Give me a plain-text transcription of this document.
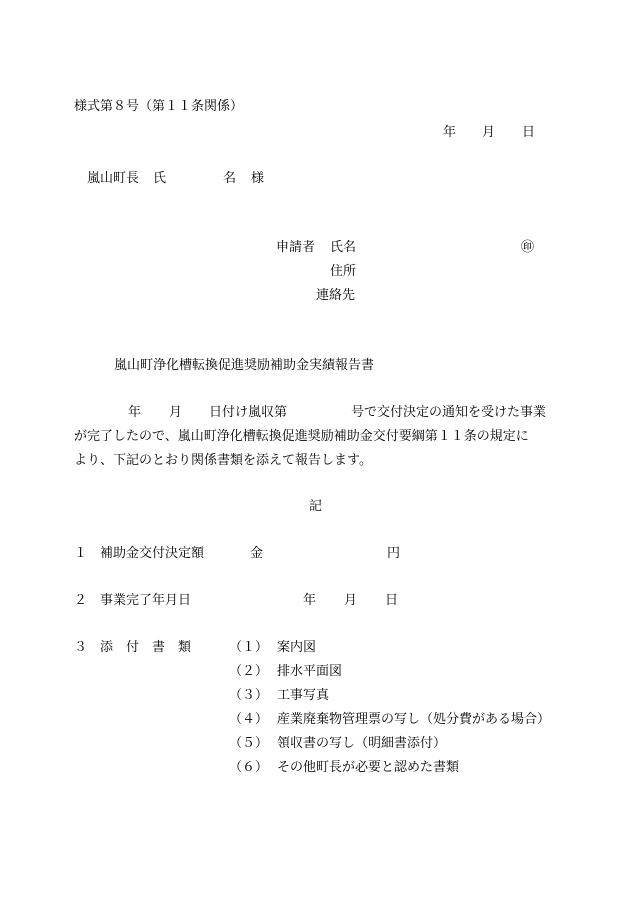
様式第８号（第１１条関係）
年 月 日
嵐山町長 氏	名 様
申請者 氏名	㊞
住所
連絡先
嵐山町浄化槽転換促進奨励補助金実績報告書
年 月 日付け嵐収第	号で交付決定の通知を受けた事業
が完了したので、嵐山町浄化槽転換促進奨励補助金交付要綱第１１条の規定に
より、下記のとおり関係書類を添えて報告します。
記
１ 補助金交付決定額	金	円
２ 事業完了年月日	年 月 日
３ 添　付　書　類	（１） 案内図
（２） 排水平面図
（３） 工事写真
（４） 産業廃棄物管理票の写し（処分費がある場合）
（５） 領収書の写し（明細書添付）
（６） その他町長が必要と認めた書類
